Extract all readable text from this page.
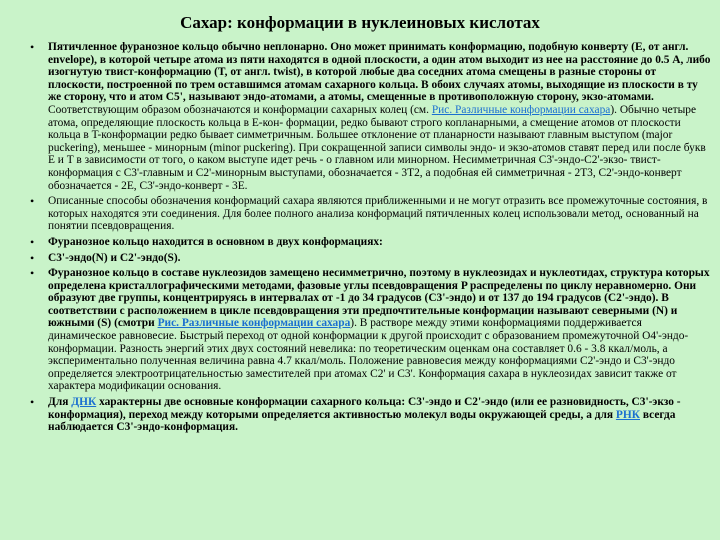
Сахар: конформации в нуклеиновых кислотах
• Пятичленное фуранозное кольцо обычно неплонарно. Оно может принимать конформацию, подобную конверту (E, от англ. envelope), в которой четыре атома из пяти находятся в одной плоскости, а один атом выходит из нее на расстояние до 0.5 А, либо изогнутую твист-конформацию (T, от англ. twist), в которой любые два соседних атома смещены в разные стороны от плоскости, построенной по трем оставшимся атомам сахарного кольца. В обоих случаях атомы, выходящие из плоскости в ту же сторону, что и атом С5', называют эндо-атомами, а атомы, смещенные в противоположную сторону, экзо-атомами. Соответствующим образом обозначаются и конформации сахарных колец (см. Рис. Различные конформации сахара). Обычно четыре атома, определяющие плоскость кольца в E-кон- формации, редко бывают строго копланарными, а смещение атомов от плоскости кольца в T-конформации редко бывает симметричным. Большее отклонение от планарности называют главным выступом (major puckering), меньшее - минорным (minor puckering). При сокращенной записи символы эндо- и экзо-атомов ставят перед или после букв E и T в зависимости от того, о каком выступе идет речь - о главном или минорном. Несимметричная С3'-эндо-С2'-экзо- твист-конформация с С3'-главным и С2'-минорным выступами, обозначается - 3T2, а подобная ей симметричная - 2T3, С2'-эндо-конверт обозначается - 2E, С3'-эндо-конверт - 3E.
• Описанные способы обозначения конформаций сахара являются приближенными и не могут отразить все промежуточные состояния, в которых находятся эти соединения. Для более полного анализа конформаций пятичленных колец использовали метод, основанный на понятии псевдовращения.
• Фуранозное кольцо находится в основном в двух конформациях:
• С3'-эндо(N) и С2'-эндо(S).
• Фуранозное кольцо в составе нуклеозидов замещено несимметрично, поэтому в нуклеозидах и нуклеотидах, структура которых определена кристаллографическими методами, фазовые углы псевдовращения P распределены по циклу неравномерно. Они образуют две группы, концентрируясь в интервалах от -1 до 34 градусов (С3'-эндо) и от 137 до 194 градусов (С2'-эндо). В соответствии с расположением в цикле псевдовращения эти предпочтительные конформации называют северными (N) и южными (S) (смотри Рис. Различные конформации сахара). В растворе между этими конформациями поддерживается динамическое равновесие. Быстрый переход от одной конформации к другой происходит с образованием промежуточной O4'-эндо-конформации. Разность энергий этих двух состояний невелика: по теоретическим оценкам она составляет 0.6 - 3.8 ккал/моль, а экспериментально полученная величина равна 4.7 ккал/моль. Положение равновесия между конформациями С2'-эндо и С3'-эндо определяется электроотрицательностью заместителей при атомах С2' и С3'. Конформация сахара в нуклеозидах зависит также от характера модификации основания.
• Для ДНК характерны две основные конформации сахарного кольца: С3'-эндо и С2'-эндо (или ее разновидность, С3'-экзо - конформация), переход между которыми определяется активностью молекул воды окружающей среды, а для РНК всегда наблюдается С3'-эндо-конформация.
